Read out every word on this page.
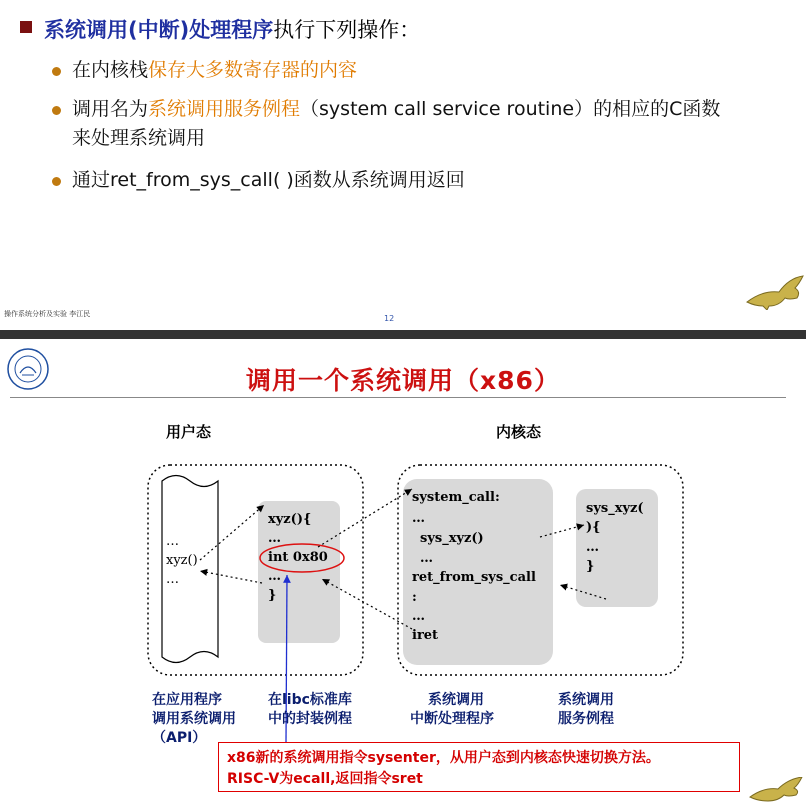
系统调用(中断)处理程序执行下列操作：
在内核栈保存大多数寄存器的内容
调用名为系统调用服务例程（system call service routine）的相应的C函数
来处理系统调用
通过ret_from_sys_call( )函数从系统调用返回
操作系统分析及实验 李江民	12
调用一个系统调用（x86）
用户态	内核态
…
xyz()
…
xyz(){
…
int 0x80
…
}
system_call:
…
sys_xyz()
…
ret_from_sys_call
:
…
iret
sys_xyz(
){
…
}
在应用程序
调用系统调用
（API）
在libc标准库
中的封装例程
系统调用
中断处理程序
系统调用
服务例程
x86新的系统调用指令sysenter，从用户态到内核态快速切换方法。
RISC-V为ecall,返回指令sret
